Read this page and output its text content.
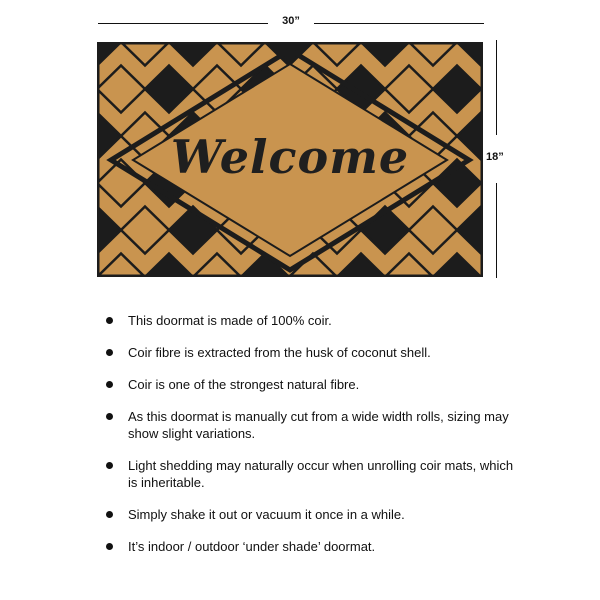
30”
18”
Welcome
This doormat is made of 100% coir.
Coir fibre is extracted from the husk of coconut shell.
Coir is one of the strongest natural fibre.
As this doormat is manually cut from a wide width rolls, sizing may show slight variations.
Light shedding may naturally occur when unrolling coir mats, which is inheritable.
Simply shake it out or vacuum it once in a while.
It’s indoor / outdoor ‘under shade’ doormat.
